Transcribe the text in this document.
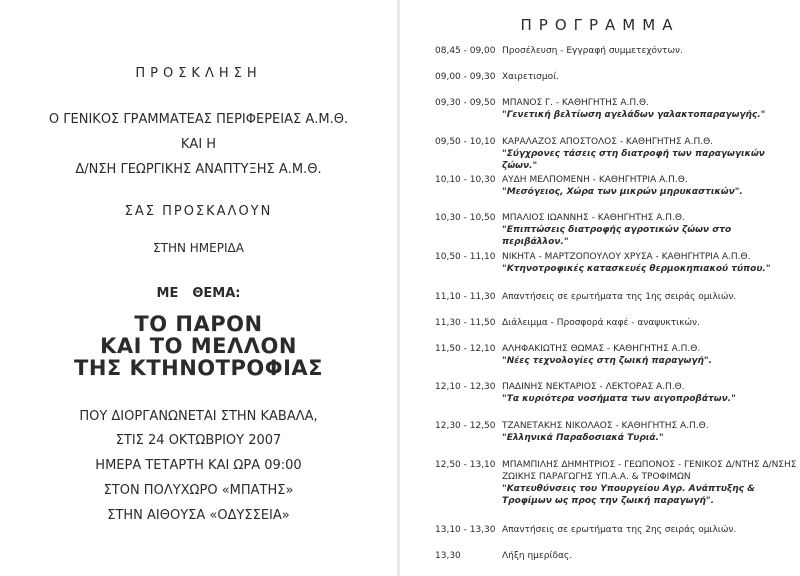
ΠΡΟΣΚΛΗΣΗ
Ο ΓΕΝΙΚΟΣ ΓΡΑΜΜΑΤΕΑΣ ΠΕΡΙΦΕΡΕΙΑΣ Α.Μ.Θ.
ΚΑΙ Η
Δ/ΝΣΗ ΓΕΩΡΓΙΚΗΣ ΑΝΑΠΤΥΞΗΣ Α.Μ.Θ.
ΣΑΣ ΠΡΟΣΚΑΛΟΥΝ
ΣΤΗΝ ΗΜΕΡΙΔΑ
ΜΕ ΘΕΜΑ:
ΤΟ ΠΑΡΟΝ
ΚΑΙ ΤΟ ΜΕΛΛΟΝ
ΤΗΣ ΚΤΗΝΟΤΡΟΦΙΑΣ
ΠΟΥ ΔΙΟΡΓΑΝΩΝΕΤΑΙ ΣΤΗΝ ΚΑΒΑΛΑ,
ΣΤΙΣ 24 ΟΚΤΩΒΡΙΟΥ 2007
ΗΜΕΡΑ ΤΕΤΑΡΤΗ ΚΑΙ ΩΡΑ 09:00
ΣΤΟΝ ΠΟΛΥΧΩΡΟ «ΜΠΑΤΗΣ»
ΣΤΗΝ ΑΙΘΟΥΣΑ «ΟΔΥΣΣΕΙΑ»
ΠΡΟΓΡΑΜΜΑ
08,45 - 09,00 Προσέλευση - Εγγραφή συμμετεχόντων.
09,00 - 09,30 Χαιρετισμοί.
09,30 - 09,50 ΜΠΑΝΟΣ Γ. - ΚΑΘΗΓΗΤΗΣ Α.Π.Θ.
"Γενετική βελτίωση αγελάδων γαλακτοπαραγωγής."
09,50 - 10,10 ΚΑΡΑΛΑΖΟΣ ΑΠΟΣΤΟΛΟΣ - ΚΑΘΗΓΗΤΗΣ Α.Π.Θ.
"Σύγχρονες τάσεις στη διατροφή των παραγωγικών ζώων."
10,10 - 10,30 ΑΥΔΗ ΜΕΛΠΟΜΕΝΗ - ΚΑΘΗΓΗΤΡΙΑ Α.Π.Θ.
"Μεσόγειος, Χώρα των μικρών μηρυκαστικών".
10,30 - 10,50 ΜΠΑΛΙΟΣ ΙΩΑΝΝΗΣ - ΚΑΘΗΓΗΤΗΣ Α.Π.Θ.
"Επιπτώσεις διατροφής αγροτικών ζώων στο περιβάλλον."
10,50 - 11,10 ΝΙΚΗΤΑ - ΜΑΡΤΖΟΠΟΥΛΟΥ ΧΡΥΣΑ - ΚΑΘΗΓΗΤΡΙΑ Α.Π.Θ.
"Κτηνοτροφικές κατασκευές θερμοκηπιακού τύπου."
11,10 - 11,30 Απαντήσεις σε ερωτήματα της 1ης σειράς ομιλιών.
11,30 - 11,50 Διάλειμμα - Προσφορά καφέ - αναψυκτικών.
11,50 - 12,10 ΑΛΗΦΑΚΙΩΤΗΣ ΘΩΜΑΣ - ΚΑΘΗΓΗΤΗΣ Α.Π.Θ.
"Νέες τεχνολογίες στη ζωική παραγωγή".
12,10 - 12,30 ΠΑΔΙΝΗΣ ΝΕΚΤΑΡΙΟΣ - ΛΕΚΤΟΡΑΣ Α.Π.Θ.
"Τα κυριότερα νοσήματα των αιγοπροβάτων."
12,30 - 12,50 ΤΖΑΝΕΤΑΚΗΣ ΝΙΚΟΛΑΟΣ - ΚΑΘΗΓΗΤΗΣ Α.Π.Θ.
"Ελληνικά Παραδοσιακά Τυριά."
12,50 - 13,10 ΜΠΑΜΠΙΛΗΣ ΔΗΜΗΤΡΙΟΣ - ΓΕΩΠΟΝΟΣ - ΓΕΝΙΚΟΣ Δ/ΝΤΗΣ Δ/ΝΣΗΣ ΖΩΙΚΗΣ ΠΑΡΑΓΩΓΗΣ ΥΠ.Α.Α. & ΤΡΟΦΙΜΩΝ
"Κατευθύνσεις του Υπουργείου Αγρ. Ανάπτυξης & Τροφίμων ως προς την ζωική παραγωγή".
13,10 - 13,30 Απαντήσεις σε ερωτήματα της 2ης σειράς ομιλιών.
13,30	Λήξη ημερίδας.
